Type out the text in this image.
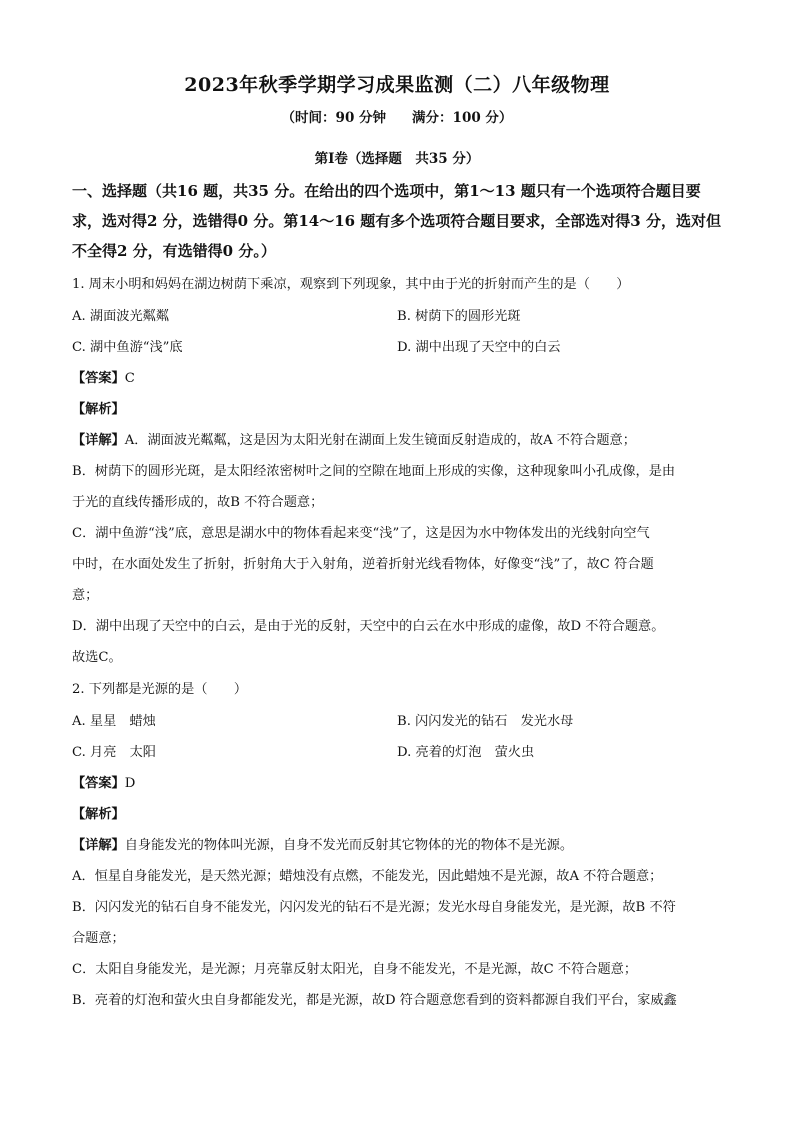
2023年秋季学期学习成果监测（二）八年级物理
（时间：90 分钟 满分：100 分）
第Ⅰ卷（选择题　共35 分）
一、选择题（共16 题，共35 分。在给出的四个选项中，第1～13 题只有一个选项符合题目要求，选对得2 分，选错得0 分。第14～16 题有多个选项符合题目要求，全部选对得3 分，选对但不全得2 分，有选错得0 分。）
1. 周末小明和妈妈在湖边树荫下乘凉，观察到下列现象，其中由于光的折射而产生的是（　　）
A. 湖面波光粼粼	B. 树荫下的圆形光斑
C. 湖中鱼游“浅”底	D. 湖中出现了天空中的白云
【答案】C
【解析】
【详解】A．湖面波光粼粼，这是因为太阳光射在湖面上发生镜面反射造成的，故A 不符合题意；
B．树荫下的圆形光斑，是太阳经浓密树叶之间的空隙在地面上形成的实像，这种现象叫小孔成像，是由
于光的直线传播形成的，故B 不符合题意；
C．湖中鱼游“浅”底，意思是湖水中的物体看起来变“浅”了，这是因为水中物体发出的光线射向空气
中时，在水面处发生了折射，折射角大于入射角，逆着折射光线看物体，好像变“浅”了，故C 符合题
意；
D．湖中出现了天空中的白云，是由于光的反射，天空中的白云在水中形成的虚像，故D 不符合题意。
故选C。
2. 下列都是光源的是（　　）
A. 星星　蜡烛	B. 闪闪发光的钻石　发光水母
C. 月亮　太阳	D. 亮着的灯泡　萤火虫
【答案】D
【解析】
【详解】自身能发光的物体叫光源，自身不发光而反射其它物体的光的物体不是光源。
A．恒星自身能发光，是天然光源；蜡烛没有点燃，不能发光，因此蜡烛不是光源，故A 不符合题意；
B．闪闪发光的钻石自身不能发光，闪闪发光的钻石不是光源；发光水母自身能发光，是光源，故B 不符
合题意；
C．太阳自身能发光，是光源；月亮靠反射太阳光，自身不能发光，不是光源，故C 不符合题意；
B．亮着的灯泡和萤火虫自身都能发光，都是光源，故D 符合题意您看到的资料都源自我们平台，家威鑫
